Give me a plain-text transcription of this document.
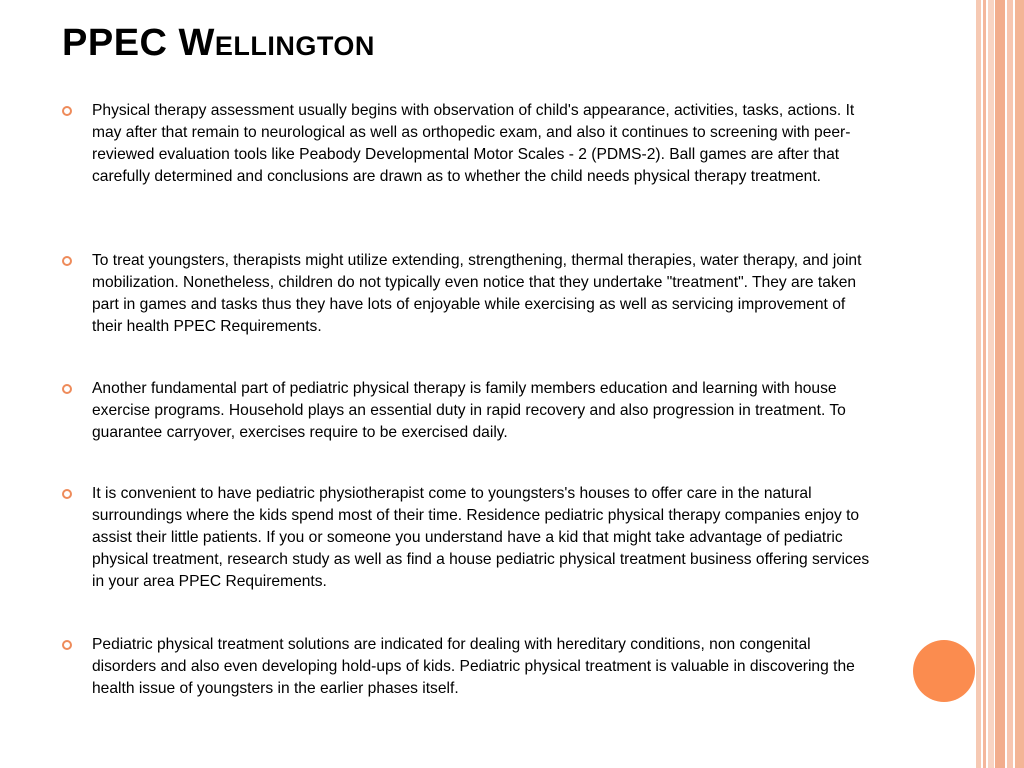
PPEC Wellington

Physical therapy assessment usually begins with observation of child's appearance, activities, tasks, actions. It may after that remain to neurological as well as orthopedic exam, and also it continues to screening with peer-reviewed evaluation tools like Peabody Developmental Motor Scales - 2 (PDMS-2). Ball games are after that carefully determined and conclusions are drawn as to whether the child needs physical therapy treatment.

To treat youngsters, therapists might utilize extending, strengthening, thermal therapies, water therapy, and joint mobilization. Nonetheless, children do not typically even notice that they undertake "treatment". They are taken part in games and tasks thus they have lots of enjoyable while exercising as well as servicing improvement of their health PPEC Requirements.

Another fundamental part of pediatric physical therapy is family members education and learning with house exercise programs. Household plays an essential duty in rapid recovery and also progression in treatment. To guarantee carryover, exercises require to be exercised daily.

It is convenient to have pediatric physiotherapist come to youngsters's houses to offer care in the natural surroundings where the kids spend most of their time. Residence pediatric physical therapy companies enjoy to assist their little patients. If you or someone you understand have a kid that might take advantage of pediatric physical treatment, research study as well as find a house pediatric physical treatment business offering services in your area PPEC Requirements.

Pediatric physical treatment solutions are indicated for dealing with hereditary conditions, non congenital disorders and also even developing hold-ups of kids. Pediatric physical treatment is valuable in discovering the health issue of youngsters in the earlier phases itself.
